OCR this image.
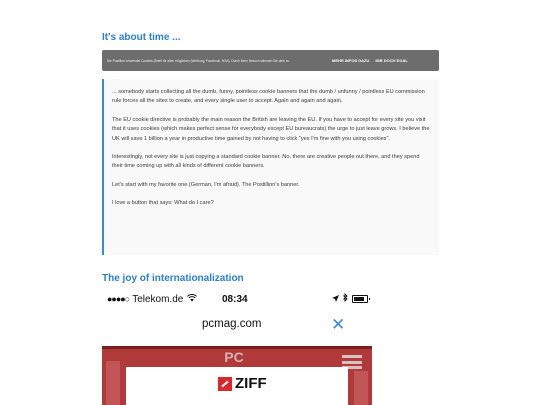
It's about time ...
Die Postillon verwendet Cookies (Briefl für allen möglichen (Werbung, Facebook, NSA). Durch Ihren Besuch stimmen Sie dem zu.	MEHR INFOS DAZU MIR DOCH EGAL

... somebody starts collecting all the dumb, funny, pointless cookie banners that the dumb / unfunny / pointless EU commission rule forces all the sites to create, and every single user to accept. Again and again and again.

The EU cookie directive is probably the main reason the British are leaving the EU. If you have to accept for every site you visit that it uses cookies (which makes perfect sense for everybody except EU bureaucrats) the urge to just leave grows. I believe the UK will save 1 billion a year in productive time gained by not having to click "yes I'm fine with you using cookies".

Interestingly, not every site is just copying a standard cookie banner. No, there are creative people out there, and they spend their time coming up with all kinds of different cookie banners.

Let's start with my favorite one (German, I'm afraid). The Postillion's banner.

I love a button that says: What do I care?

The joy of internationalization
●●●●○ Telekom.de	08:34
pcmag.com	✕
PC
ZIFF
